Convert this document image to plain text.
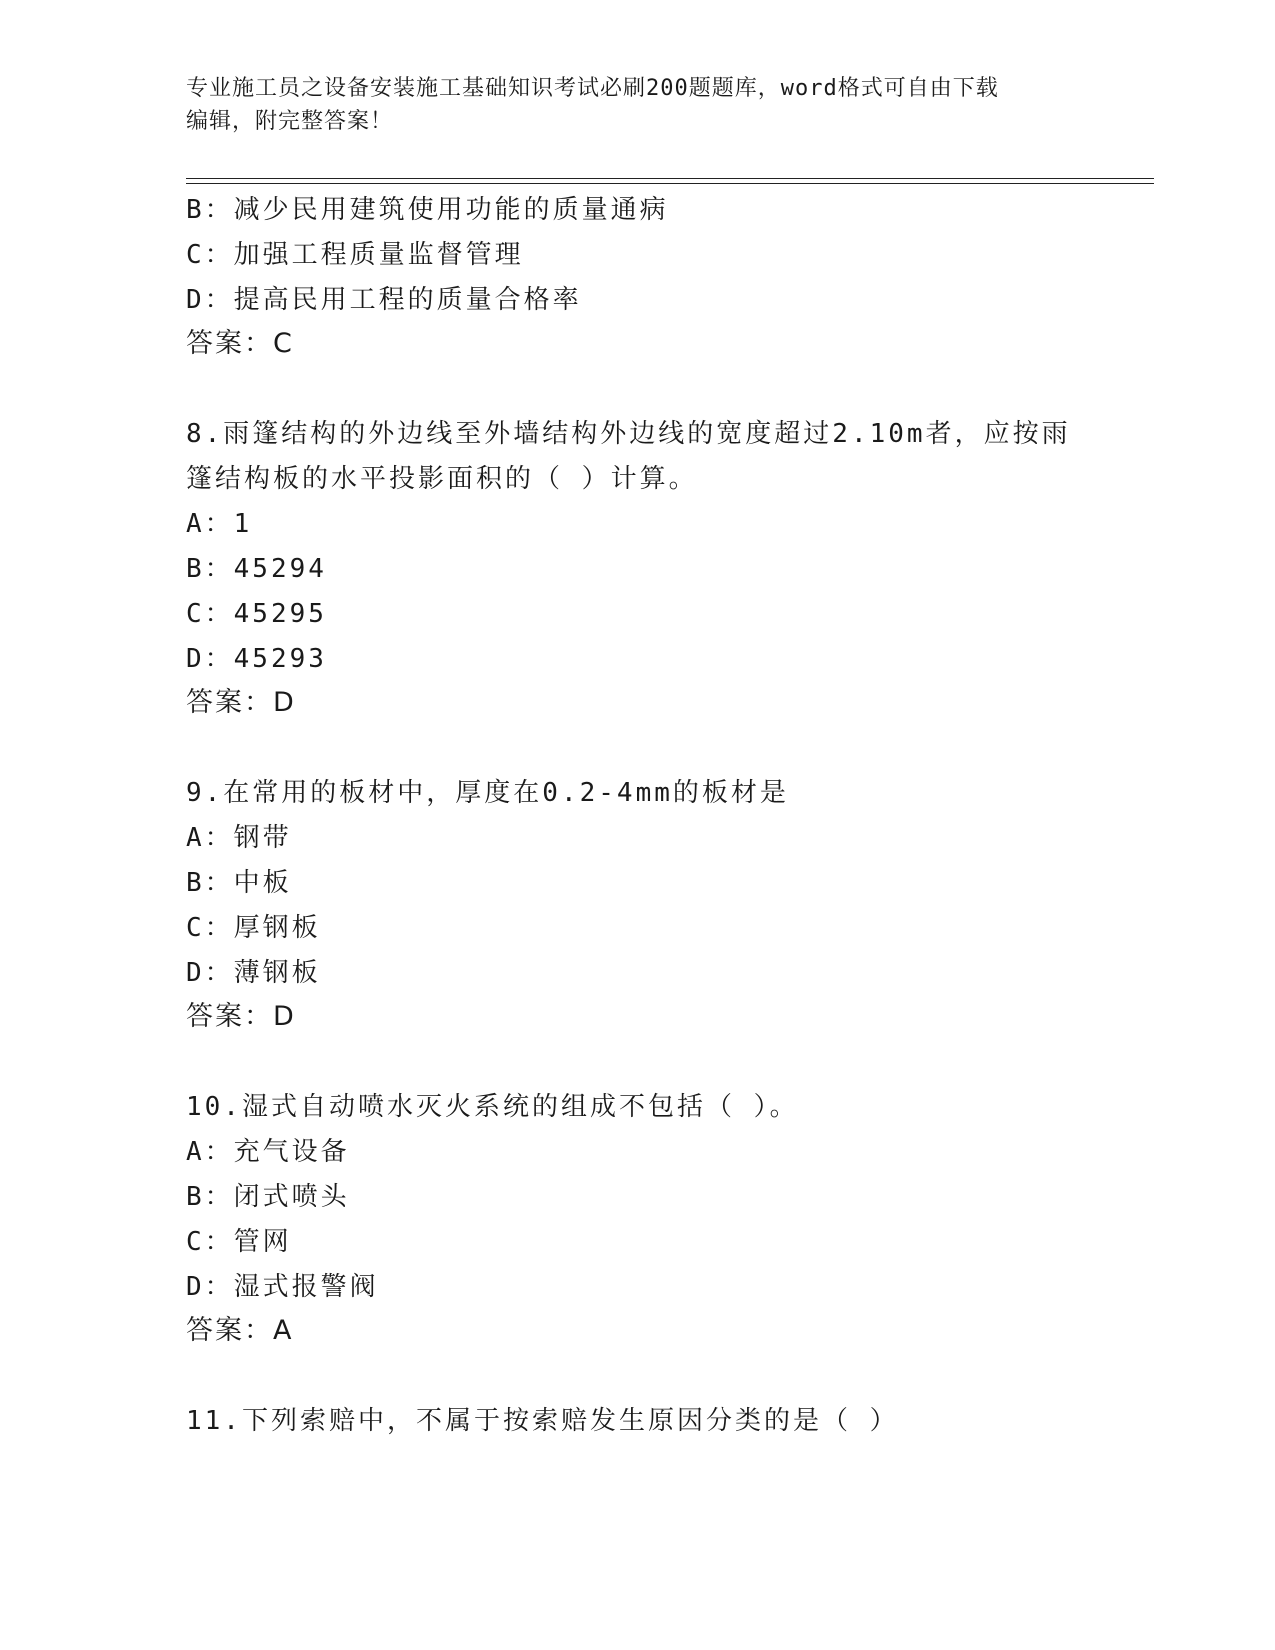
专业施工员之设备安装施工基础知识考试必刷200题题库，word格式可自由下载
编辑，附完整答案！
B：减少民用建筑使用功能的质量通病
C：加强工程质量监督管理
D：提高民用工程的质量合格率
答案：C
8.雨篷结构的外边线至外墙结构外边线的宽度超过2.10m者，应按雨
篷结构板的水平投影面积的（ ）计算。
A：1
B：45294
C：45295
D：45293
答案：D
9.在常用的板材中，厚度在0.2-4mm的板材是
A：钢带
B：中板
C：厚钢板
D：薄钢板
答案：D
10.湿式自动喷水灭火系统的组成不包括（ ）。
A：充气设备
B：闭式喷头
C：管网
D：湿式报警阀
答案：A
11.下列索赔中，不属于按索赔发生原因分类的是（ ）
